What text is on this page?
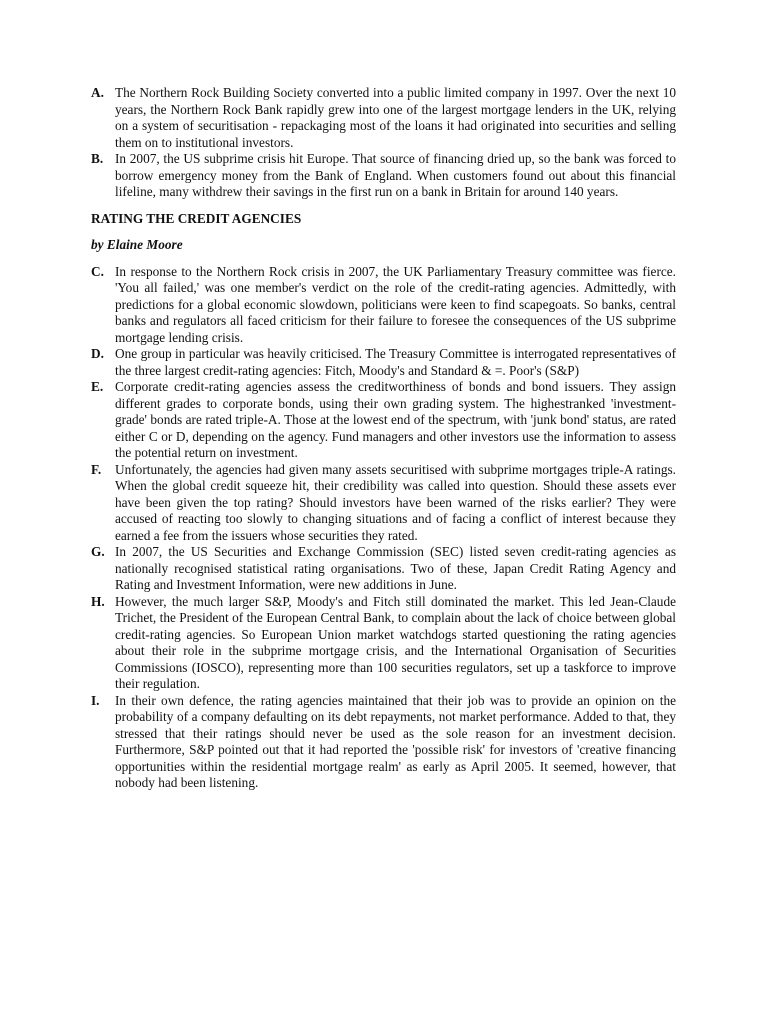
A. The Northern Rock Building Society converted into a public limited company in 1997. Over the next 10 years, the Northern Rock Bank rapidly grew into one of the largest mortgage lenders in the UK, relying on a system of securitisation - repackaging most of the loans it had originated into securities and selling them on to institutional investors.
B. In 2007, the US subprime crisis hit Europe. That source of financing dried up, so the bank was forced to borrow emergency money from the Bank of England. When customers found out about this financial lifeline, many withdrew their savings in the first run on a bank in Britain for around 140 years.
RATING THE CREDIT AGENCIES
by Elaine Moore
C. In response to the Northern Rock crisis in 2007, the UK Parliamentary Treasury committee was fierce. 'You all failed,' was one member's verdict on the role of the credit-rating agencies. Admittedly, with predictions for a global economic slowdown, politicians were keen to find scapegoats. So banks, central banks and regulators all faced criticism for their failure to foresee the consequences of the US subprime mortgage lending crisis.
D. One group in particular was heavily criticised. The Treasury Committee is interrogated representatives of the three largest credit-rating agencies: Fitch, Moody's and Standard & =. Poor's (S&P)
E. Corporate credit-rating agencies assess the creditworthiness of bonds and bond issuers. They assign different grades to corporate bonds, using their own grading system. The highestranked 'investment-grade' bonds are rated triple-A. Those at the lowest end of the spectrum, with 'junk bond' status, are rated either C or D, depending on the agency. Fund managers and other investors use the information to assess the potential return on investment.
F. Unfortunately, the agencies had given many assets securitised with subprime mortgages triple-A ratings. When the global credit squeeze hit, their credibility was called into question. Should these assets ever have been given the top rating? Should investors have been warned of the risks earlier? They were accused of reacting too slowly to changing situations and of facing a conflict of interest because they earned a fee from the issuers whose securities they rated.
G. In 2007, the US Securities and Exchange Commission (SEC) listed seven credit-rating agencies as nationally recognised statistical rating organisations. Two of these, Japan Credit Rating Agency and Rating and Investment Information, were new additions in June.
H. However, the much larger S&P, Moody's and Fitch still dominated the market. This led Jean-Claude Trichet, the President of the European Central Bank, to complain about the lack of choice between global credit-rating agencies. So European Union market watchdogs started questioning the rating agencies about their role in the subprime mortgage crisis, and the International Organisation of Securities Commissions (IOSCO), representing more than 100 securities regulators, set up a taskforce to improve their regulation.
I. In their own defence, the rating agencies maintained that their job was to provide an opinion on the probability of a company defaulting on its debt repayments, not market performance. Added to that, they stressed that their ratings should never be used as the sole reason for an investment decision. Furthermore, S&P pointed out that it had reported the 'possible risk' for investors of 'creative financing opportunities within the residential mortgage realm' as early as April 2005. It seemed, however, that nobody had been listening.
